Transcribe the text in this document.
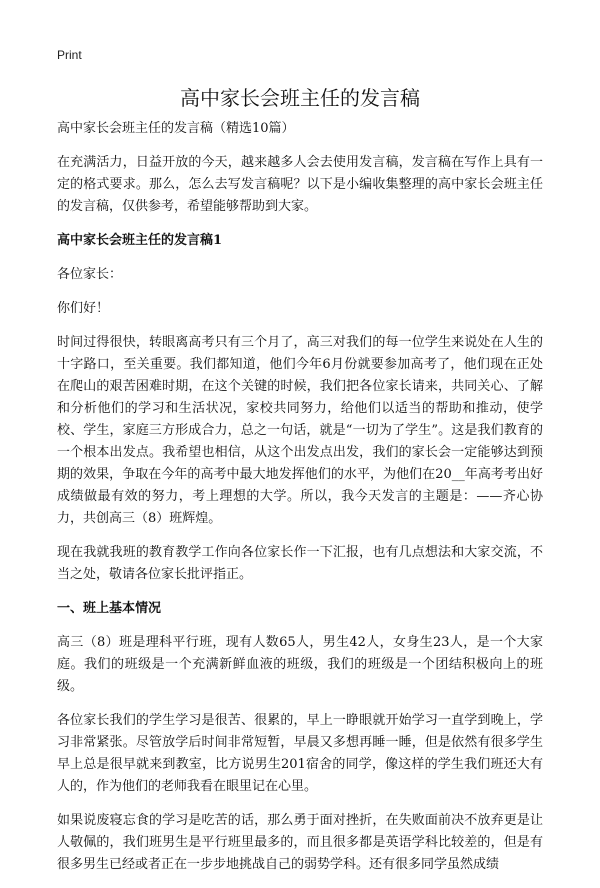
Print
高中家长会班主任的发言稿

高中家长会班主任的发言稿（精选10篇）

在充满活力，日益开放的今天，越来越多人会去使用发言稿，发言稿在写作上具有一定的格式要求。那么，怎么去写发言稿呢？以下是小编收集整理的高中家长会班主任的发言稿，仅供参考，希望能够帮助到大家。

高中家长会班主任的发言稿1

各位家长：

你们好！

时间过得很快，转眼离高考只有三个月了，高三对我们的每一位学生来说处在人生的十字路口，至关重要。我们都知道，他们今年6月份就要参加高考了，他们现在正处在爬山的艰苦困难时期，在这个关键的时候，我们把各位家长请来，共同关心、了解和分析他们的学习和生活状况，家校共同努力，给他们以适当的帮助和推动，使学校、学生，家庭三方形成合力，总之一句话，就是“一切为了学生”。这是我们教育的一个根本出发点。我希望也相信，从这个出发点出发，我们的家长会一定能够达到预期的效果，争取在今年的高考中最大地发挥他们的水平，为他们在20__年高考考出好成绩做最有效的努力，考上理想的大学。所以，我今天发言的主题是：——齐心协力，共创高三（8）班辉煌。

现在我就我班的教育教学工作向各位家长作一下汇报，也有几点想法和大家交流，不当之处，敬请各位家长批评指正。

一、班上基本情况

高三（8）班是理科平行班，现有人数65人，男生42人，女身生23人，是一个大家庭。我们的班级是一个充满新鲜血液的班级，我们的班级是一个团结积极向上的班级。

各位家长我们的学生学习是很苦、很累的，早上一睁眼就开始学习一直学到晚上，学习非常紧张。尽管放学后时间非常短暂，早晨又多想再睡一睡，但是依然有很多学生早上总是很早就来到教室，比方说男生201宿舍的同学，像这样的学生我们班还大有人的，作为他们的老师我看在眼里记在心里。

如果说废寝忘食的学习是吃苦的话，那么勇于面对挫折，在失败面前决不放弃更是让人敬佩的，我们班男生是平行班里最多的，而且很多都是英语学科比较差的，但是有很多男生已经或者正在一步步地挑战自己的弱势学科。还有很多同学虽然成绩
